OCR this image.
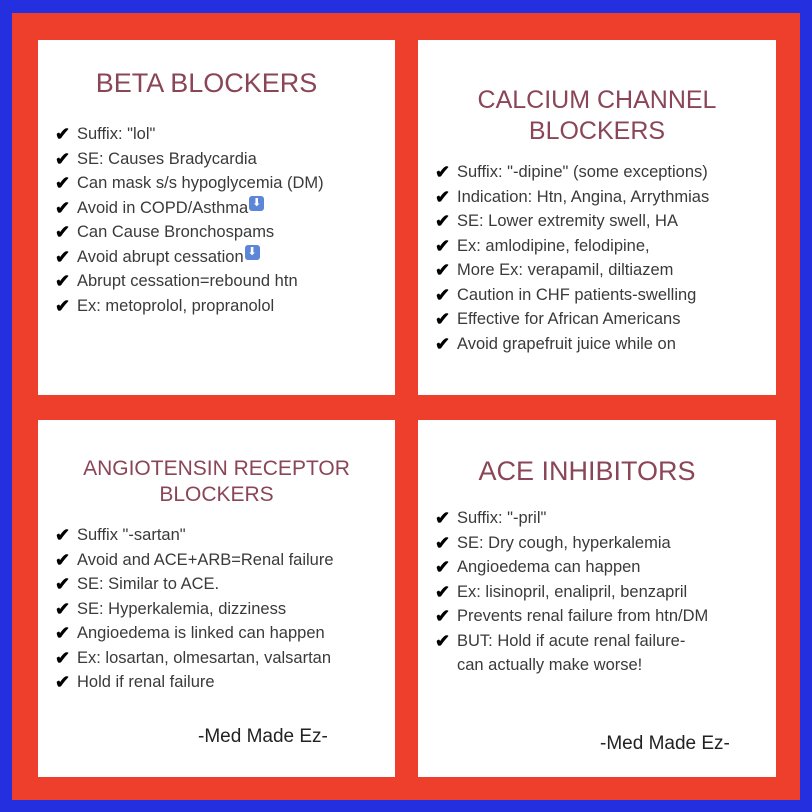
BETA BLOCKERS
✔ Suffix: "lol"
✔ SE: Causes Bradycardia
✔ Can mask s/s hypoglycemia (DM)
✔ Avoid in COPD/Asthma ⬇
✔ Can Cause Bronchospams
✔ Avoid abrupt cessation ⬇
✔ Abrupt cessation=rebound htn
✔ Ex: metoprolol, propranolol
CALCIUM CHANNEL
BLOCKERS
✔ Suffix: "-dipine" (some exceptions)
✔ Indication: Htn, Angina, Arrythmias
✔ SE: Lower extremity swell, HA
✔ Ex: amlodipine, felodipine,
✔ More Ex: verapamil, diltiazem
✔ Caution in CHF patients-swelling
✔ Effective for African Americans
✔ Avoid grapefruit juice while on
ANGIOTENSIN RECEPTOR
BLOCKERS
✔ Suffix "-sartan"
✔ Avoid and ACE+ARB=Renal failure
✔ SE: Similar to ACE.
✔ SE: Hyperkalemia, dizziness
✔ Angioedema is linked can happen
✔ Ex: losartan, olmesartan, valsartan
✔ Hold if renal failure
-Med Made Ez-
ACE INHIBITORS
✔ Suffix: "-pril"
✔ SE: Dry cough, hyperkalemia
✔ Angioedema can happen
✔ Ex: lisinopril, enalipril, benzapril
✔ Prevents renal failure from htn/DM
✔ BUT: Hold if acute renal failure-
can actually make worse!
-Med Made Ez-
